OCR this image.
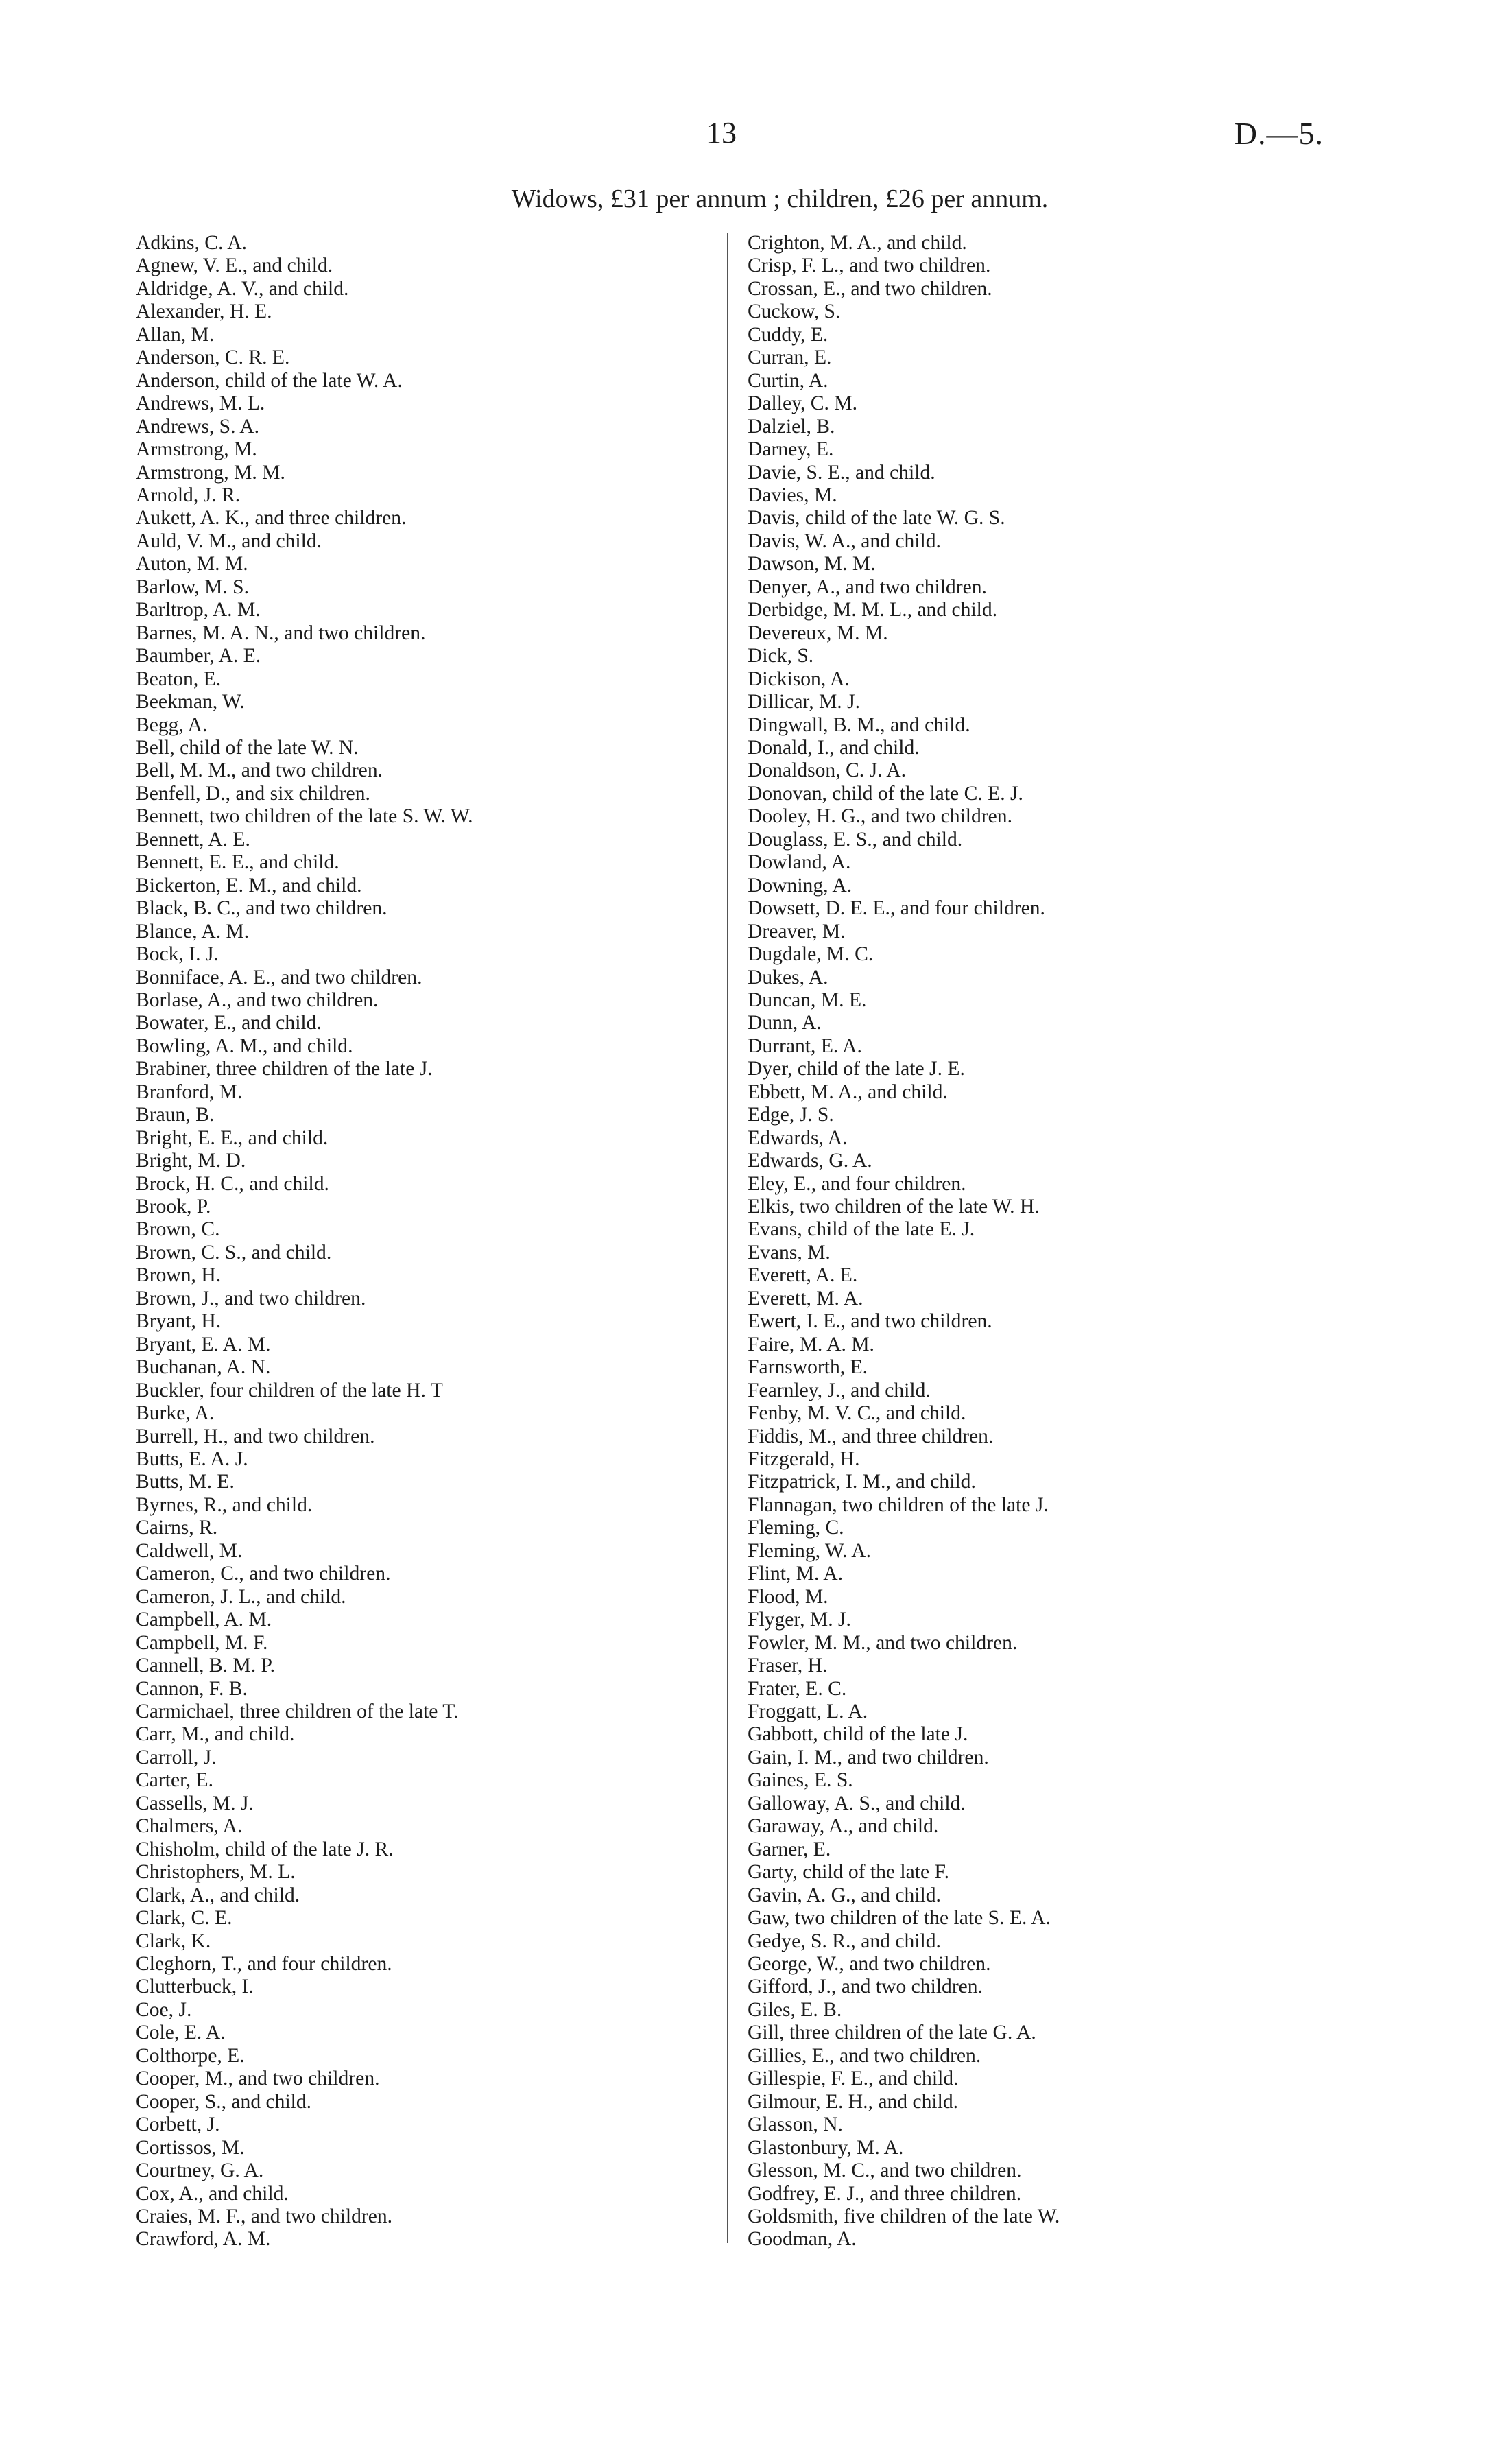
13	D.—5.
Widows, £31 per annum ; children, £26 per annum.
Adkins, C. A.
Agnew, V. E., and child.
Aldridge, A. V., and child.
Alexander, H. E.
Allan, M.
Anderson, C. R. E.
Anderson, child of the late W. A.
Andrews, M. L.
Andrews, S. A.
Armstrong, M.
Armstrong, M. M.
Arnold, J. R.
Aukett, A. K., and three children.
Auld, V. M., and child.
Auton, M. M.
Barlow, M. S.
Barltrop, A. M.
Barnes, M. A. N., and two children.
Baumber, A. E.
Beaton, E.
Beekman, W.
Begg, A.
Bell, child of the late W. N.
Bell, M. M., and two children.
Benfell, D., and six children.
Bennett, two children of the late S. W. W.
Bennett, A. E.
Bennett, E. E., and child.
Bickerton, E. M., and child.
Black, B. C., and two children.
Blance, A. M.
Bock, I. J.
Bonniface, A. E., and two children.
Borlase, A., and two children.
Bowater, E., and child.
Bowling, A. M., and child.
Brabiner, three children of the late J.
Branford, M.
Braun, B.
Bright, E. E., and child.
Bright, M. D.
Brock, H. C., and child.
Brook, P.
Brown, C.
Brown, C. S., and child.
Brown, H.
Brown, J., and two children.
Bryant, H.
Bryant, E. A. M.
Buchanan, A. N.
Buckler, four children of the late H. T
Burke, A.
Burrell, H., and two children.
Butts, E. A. J.
Butts, M. E.
Byrnes, R., and child.
Cairns, R.
Caldwell, M.
Cameron, C., and two children.
Cameron, J. L., and child.
Campbell, A. M.
Campbell, M. F.
Cannell, B. M. P.
Cannon, F. B.
Carmichael, three children of the late T.
Carr, M., and child.
Carroll, J.
Carter, E.
Cassells, M. J.
Chalmers, A.
Chisholm, child of the late J. R.
Christophers, M. L.
Clark, A., and child.
Clark, C. E.
Clark, K.
Cleghorn, T., and four children.
Clutterbuck, I.
Coe, J.
Cole, E. A.
Colthorpe, E.
Cooper, M., and two children.
Cooper, S., and child.
Corbett, J.
Cortissos, M.
Courtney, G. A.
Cox, A., and child.
Craies, M. F., and two children.
Crawford, A. M.
Crighton, M. A., and child.
Crisp, F. L., and two children.
Crossan, E., and two children.
Cuckow, S.
Cuddy, E.
Curran, E.
Curtin, A.
Dalley, C. M.
Dalziel, B.
Darney, E.
Davie, S. E., and child.
Davies, M.
Davis, child of the late W. G. S.
Davis, W. A., and child.
Dawson, M. M.
Denyer, A., and two children.
Derbidge, M. M. L., and child.
Devereux, M. M.
Dick, S.
Dickison, A.
Dillicar, M. J.
Dingwall, B. M., and child.
Donald, I., and child.
Donaldson, C. J. A.
Donovan, child of the late C. E. J.
Dooley, H. G., and two children.
Douglass, E. S., and child.
Dowland, A.
Downing, A.
Dowsett, D. E. E., and four children.
Dreaver, M.
Dugdale, M. C.
Dukes, A.
Duncan, M. E.
Dunn, A.
Durrant, E. A.
Dyer, child of the late J. E.
Ebbett, M. A., and child.
Edge, J. S.
Edwards, A.
Edwards, G. A.
Eley, E., and four children.
Elkis, two children of the late W. H.
Evans, child of the late E. J.
Evans, M.
Everett, A. E.
Everett, M. A.
Ewert, I. E., and two children.
Faire, M. A. M.
Farnsworth, E.
Fearnley, J., and child.
Fenby, M. V. C., and child.
Fiddis, M., and three children.
Fitzgerald, H.
Fitzpatrick, I. M., and child.
Flannagan, two children of the late J.
Fleming, C.
Fleming, W. A.
Flint, M. A.
Flood, M.
Flyger, M. J.
Fowler, M. M., and two children.
Fraser, H.
Frater, E. C.
Froggatt, L. A.
Gabbott, child of the late J.
Gain, I. M., and two children.
Gaines, E. S.
Galloway, A. S., and child.
Garaway, A., and child.
Garner, E.
Garty, child of the late F.
Gavin, A. G., and child.
Gaw, two children of the late S. E. A.
Gedye, S. R., and child.
George, W., and two children.
Gifford, J., and two children.
Giles, E. B.
Gill, three children of the late G. A.
Gillies, E., and two children.
Gillespie, F. E., and child.
Gilmour, E. H., and child.
Glasson, N.
Glastonbury, M. A.
Glesson, M. C., and two children.
Godfrey, E. J., and three children.
Goldsmith, five children of the late W.
Goodman, A.
